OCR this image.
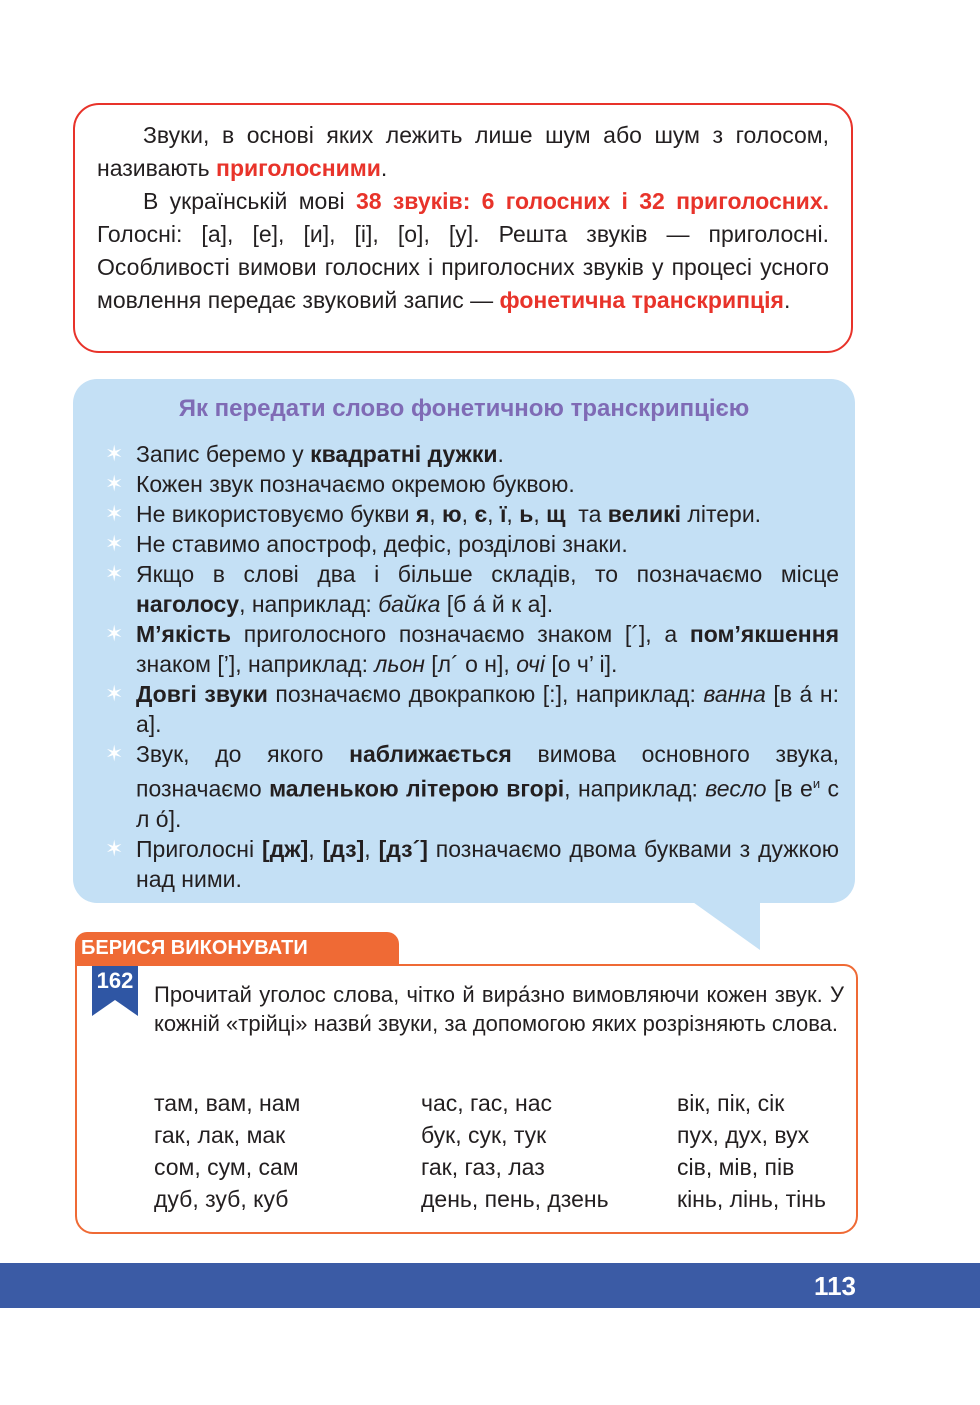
Звуки, в основі яких лежить лише шум або шум з голосом, називають приголосними.

В українській мові 38 звуків: 6 голосних і 32 приголосних. Голосні: [а], [е], [и], [і], [о], [у]. Решта звуків — приголосні. Особливості вимови голосних і приголосних звуків у процесі усного мовлення передає звуковий запис — фонетична транскрипція.

Як передати слово фонетичною транскрипцією
✶ Запис беремо у квадратні дужки.
✶ Кожен звук позначаємо окремою буквою.
✶ Не використовуємо букви я, ю, є, ї, ь, щ  та великі літери.
✶ Не ставимо апостроф, дефіс, розділові знаки.
✶ Якщо в слові два і більше складів, то позначаємо місце наголосу, наприклад: байка [б а́ й к а].
✶ М’якість приголосного позначаємо знаком [´], а пом’якшення знаком [’], наприклад: льон [л´ о н], очі [о ч’ і].
✶ Довгі звуки позначаємо двокрапкою [:], наприклад: ванна [в а́ н: а].
✶ Звук, до якого наближається вимова основного звука, позначаємо маленькою літерою вгорі, наприклад: весло [в $е^и$ с л о́].
✶ Приголосні [дж], [дз], [дз´] позначаємо двома буквами з дужкою над ними.
БЕРИСЯ ВИКОНУВАТИ
162

Прочитай уголос слова, чітко й вира́зно вимовляючи кожен звук. У кожній «трійці» назви́ звуки, за допомогою яких розрізняють слова.

там, вам, нам
гак, лак, мак
сом, сум, сам
дуб, зуб, куб
час, гас, нас
бук, сук, тук
гак, газ, лаз
день, пень, дзень
вік, пік, сік
пух, дух, вух
сів, мів, пів
кінь, лінь, тінь
113
